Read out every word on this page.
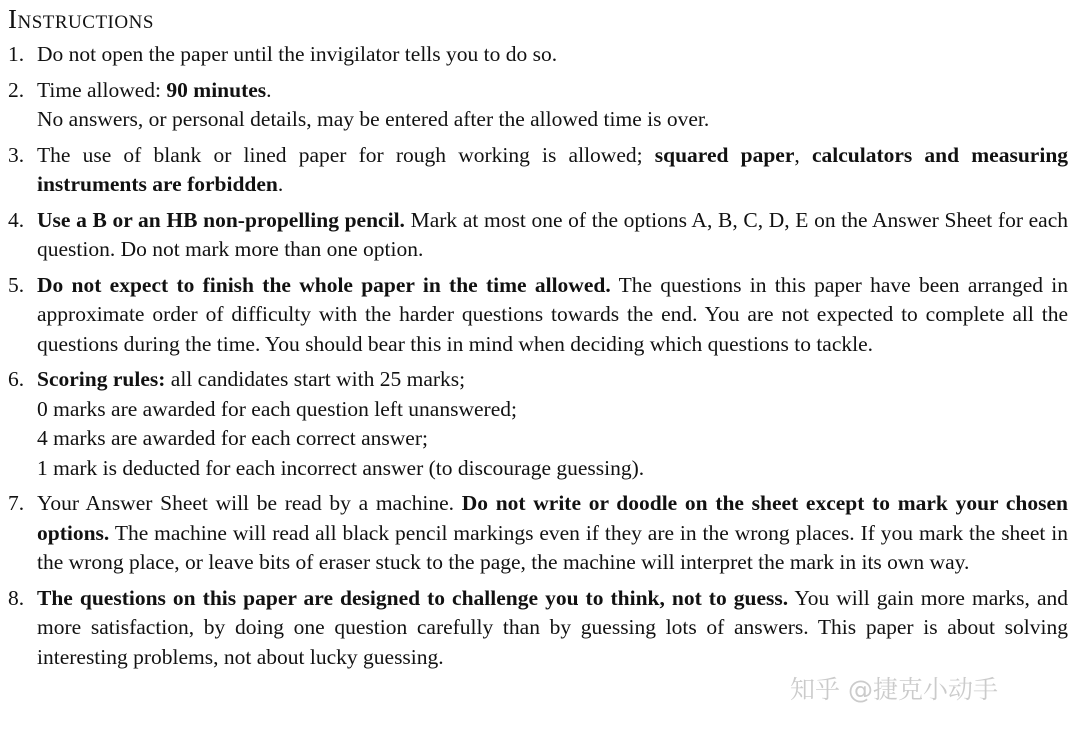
Instructions
1. Do not open the paper until the invigilator tells you to do so.
2. Time allowed: 90 minutes.
No answers, or personal details, may be entered after the allowed time is over.
3. The use of blank or lined paper for rough working is allowed; squared paper, calculators and measuring instruments are forbidden.
4. Use a B or an HB non-propelling pencil. Mark at most one of the options A, B, C, D, E on the Answer Sheet for each question. Do not mark more than one option.
5. Do not expect to finish the whole paper in the time allowed. The questions in this paper have been arranged in approximate order of difficulty with the harder questions towards the end. You are not expected to complete all the questions during the time. You should bear this in mind when deciding which questions to tackle.
6. Scoring rules: all candidates start with 25 marks;
0 marks are awarded for each question left unanswered;
4 marks are awarded for each correct answer;
1 mark is deducted for each incorrect answer (to discourage guessing).
7. Your Answer Sheet will be read by a machine. Do not write or doodle on the sheet except to mark your chosen options. The machine will read all black pencil markings even if they are in the wrong places. If you mark the sheet in the wrong place, or leave bits of eraser stuck to the page, the machine will interpret the mark in its own way.
8. The questions on this paper are designed to challenge you to think, not to guess. You will gain more marks, and more satisfaction, by doing one question carefully than by guessing lots of answers. This paper is about solving interesting problems, not about lucky guessing.
知乎 @捷克小动手
